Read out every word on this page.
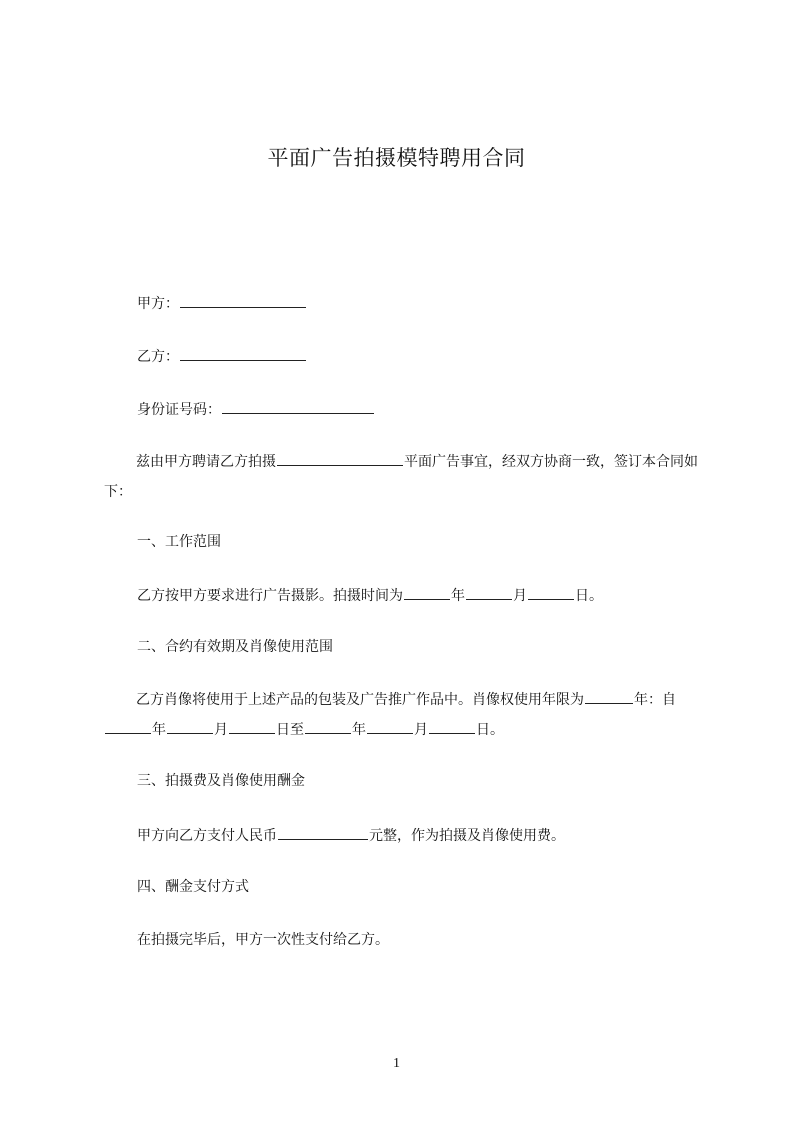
平面广告拍摄模特聘用合同
甲方：
乙方：
身份证号码：
兹由甲方聘请乙方拍摄	平面广告事宜，经双方协商一致，签订本合同如下：
一、工作范围
乙方按甲方要求进行广告摄影。拍摄时间为	年	月	日。
二、合约有效期及肖像使用范围
乙方肖像将使用于上述产品的包装及广告推广作品中。肖像权使用年限为	年：自年	月	日至	年	月	日。
三、拍摄费及肖像使用酬金
甲方向乙方支付人民币	元整，作为拍摄及肖像使用费。
四、酬金支付方式
在拍摄完毕后，甲方一次性支付给乙方。
1
